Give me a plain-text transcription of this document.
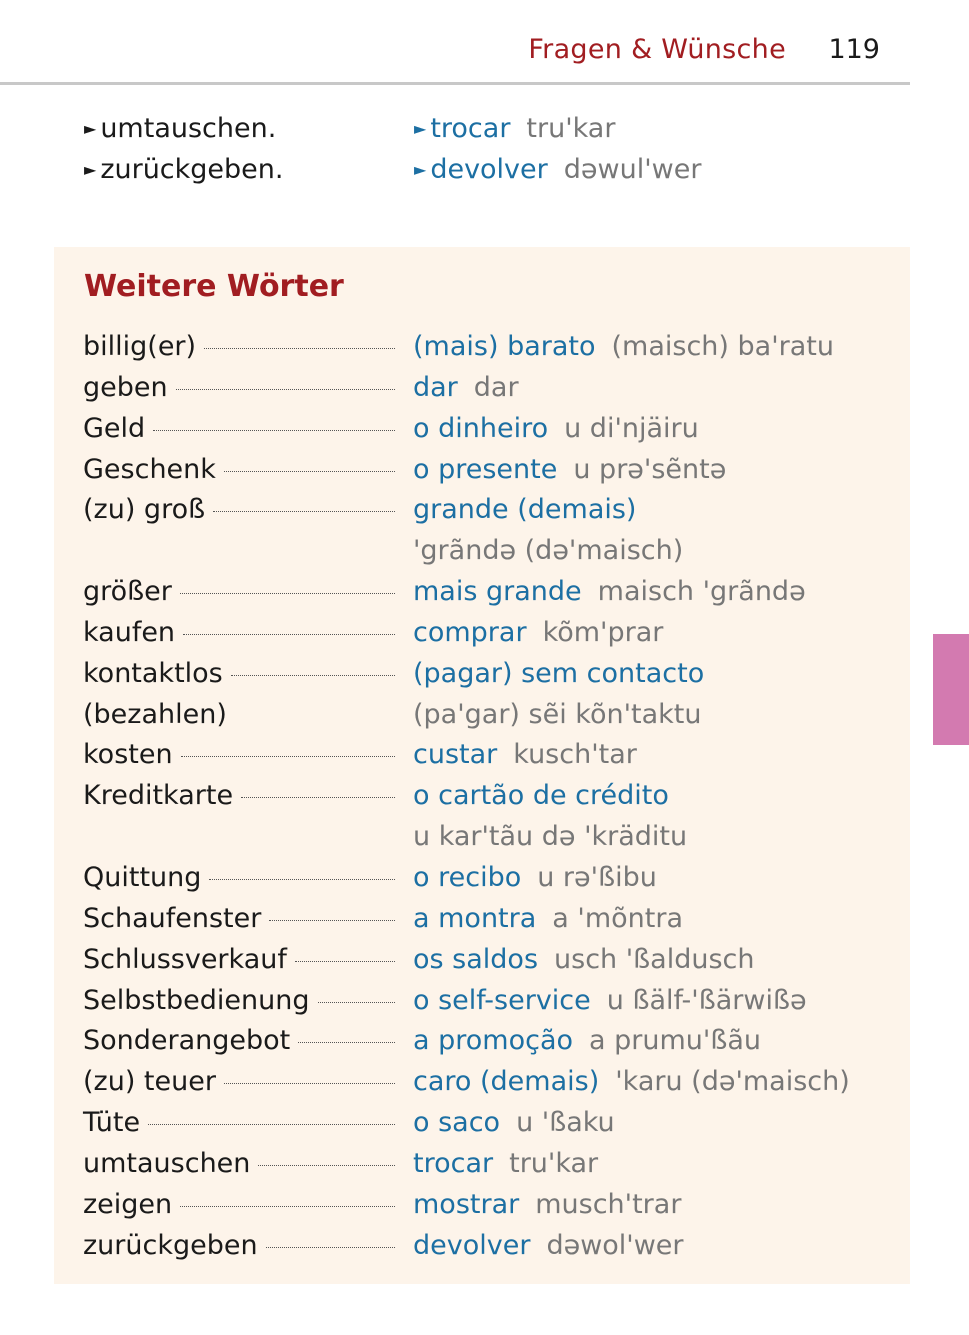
Fragen & Wünsche 119
► umtauschen.	► trocar tru'kar
► zurückgeben.	► devolver dəwul'wer
Weitere Wörter
billig(er)	(mais) barato (maisch) ba'ratu
geben	dar dar
Geld	o dinheiro u di'njäiru
Geschenk	o presente u prə'sẽntə
(zu) groß	grande (demais)
'grãndə (də'maisch)
größer	mais grande maisch 'grãndə
kaufen	comprar kõm'prar
kontaktlos	(pagar) sem contacto
(bezahlen)	(pa'gar) sẽi kõn'taktu
kosten	custar kusch'tar
Kreditkarte	o cartão de crédito
u kar'tãu də 'kräditu
Quittung	o recibo u rə'ßibu
Schaufenster	a montra a 'mõntra
Schlussverkauf	os saldos usch 'ßaldusch
Selbstbedienung	o self-service u ßälf-'ßärwißə
Sonderangebot	a promoção a prumu'ßãu
(zu) teuer	caro (demais) 'karu (də'maisch)
Tüte	o saco u 'ßaku
umtauschen	trocar tru'kar
zeigen	mostrar musch'trar
zurückgeben	devolver dəwol'wer
